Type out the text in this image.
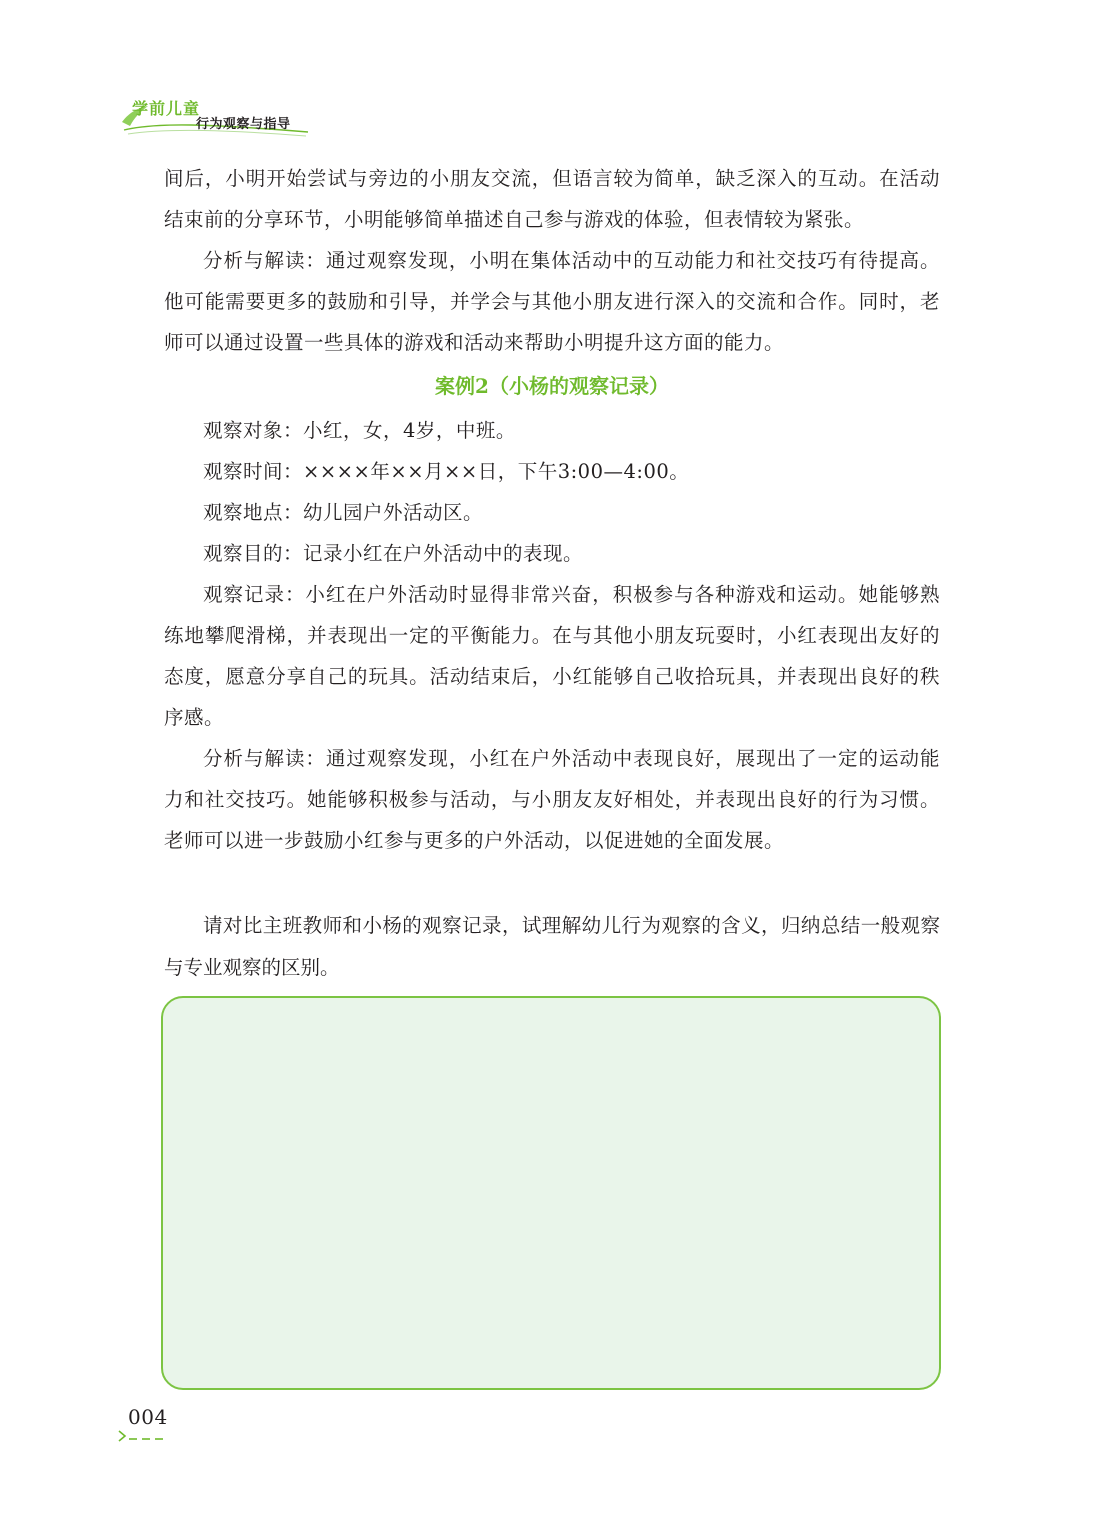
学前儿童
行为观察与指导

间后，小明开始尝试与旁边的小朋友交流，但语言较为简单，缺乏深入的互动。在活动结束前的分享环节，小明能够简单描述自己参与游戏的体验，但表情较为紧张。

分析与解读：通过观察发现，小明在集体活动中的互动能力和社交技巧有待提高。他可能需要更多的鼓励和引导，并学会与其他小朋友进行深入的交流和合作。同时，老师可以通过设置一些具体的游戏和活动来帮助小明提升这方面的能力。

案例2（小杨的观察记录）

观察对象：小红，女，4岁，中班。

观察时间：××××年××月××日，下午3:00—4:00。

观察地点：幼儿园户外活动区。

观察目的：记录小红在户外活动中的表现。

观察记录：小红在户外活动时显得非常兴奋，积极参与各种游戏和运动。她能够熟练地攀爬滑梯，并表现出一定的平衡能力。在与其他小朋友玩耍时，小红表现出友好的态度，愿意分享自己的玩具。活动结束后，小红能够自己收拾玩具，并表现出良好的秩序感。

分析与解读：通过观察发现，小红在户外活动中表现良好，展现出了一定的运动能力和社交技巧。她能够积极参与活动，与小朋友友好相处，并表现出良好的行为习惯。老师可以进一步鼓励小红参与更多的户外活动，以促进她的全面发展。

请对比主班教师和小杨的观察记录，试理解幼儿行为观察的含义，归纳总结一般观察与专业观察的区别。

004
